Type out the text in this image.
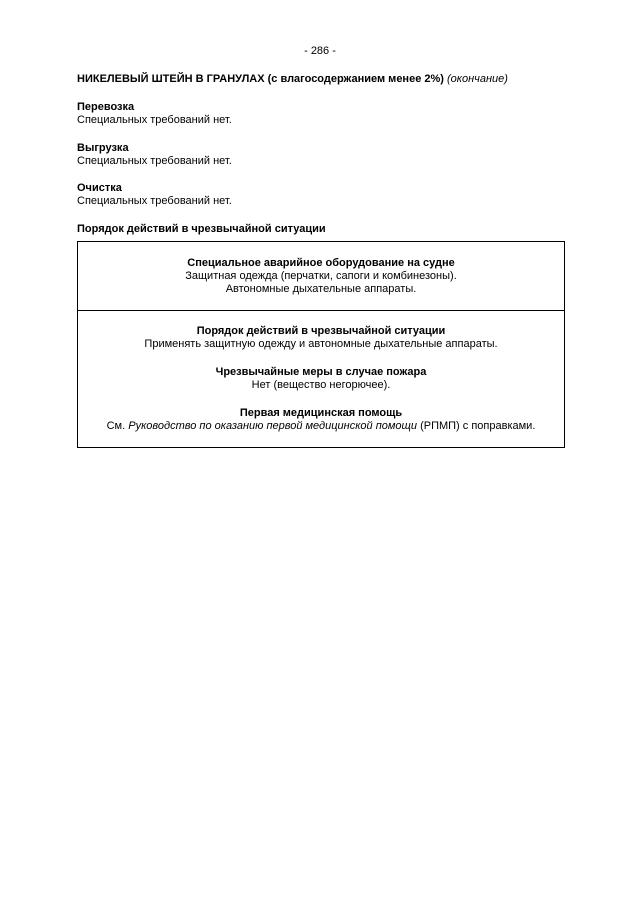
- 286 -
НИКЕЛЕВЫЙ ШТЕЙН В ГРАНУЛАХ (с влагосодержанием менее 2%) (окончание)
Перевозка
Специальных требований нет.
Выгрузка
Специальных требований нет.
Очистка
Специальных требований нет.
Порядок действий в чрезвычайной ситуации
Специальное аварийное оборудование на судне
Защитная одежда (перчатки, сапоги и комбинезоны).
Автономные дыхательные аппараты.
Порядок действий в чрезвычайной ситуации
Применять защитную одежду и автономные дыхательные аппараты.
Чрезвычайные меры в случае пожара
Нет (вещество негорючее).
Первая медицинская помощь
См. Руководство по оказанию первой медицинской помощи (РПМП) с поправками.
